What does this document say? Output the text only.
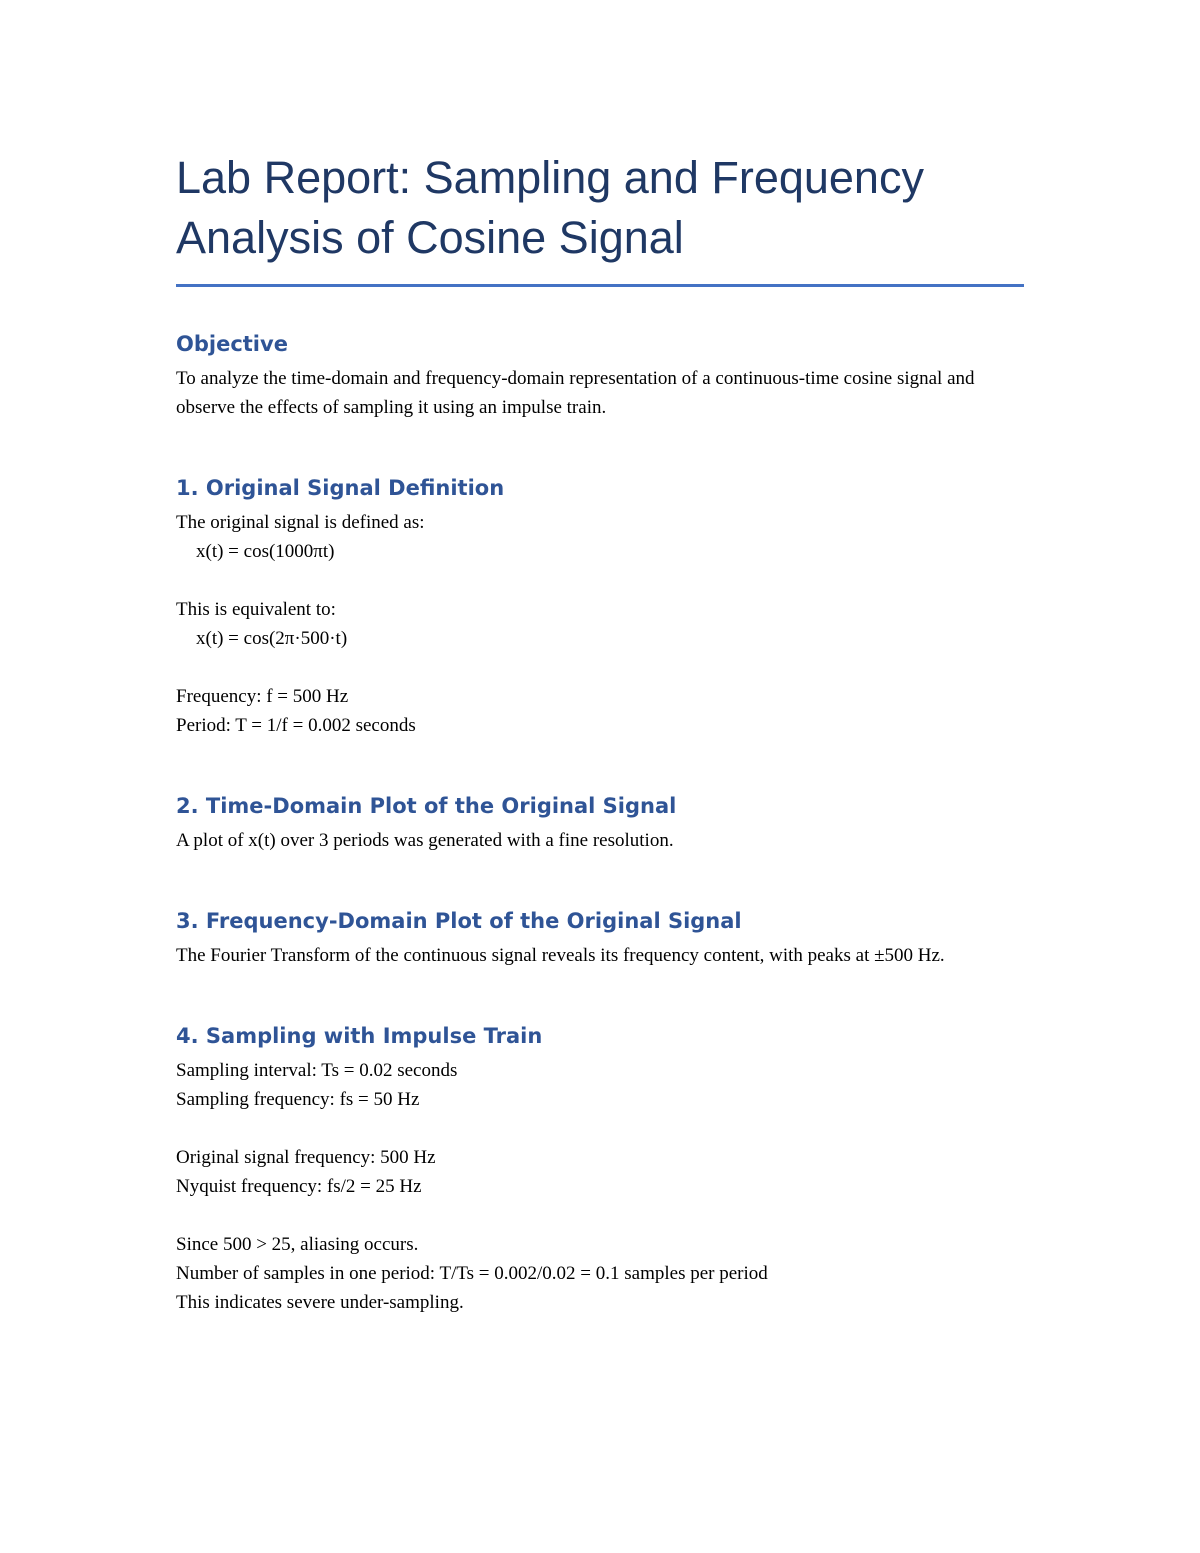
Lab Report: Sampling and Frequency Analysis of Cosine Signal
Objective

To analyze the time-domain and frequency-domain representation of a continuous-time cosine signal and observe the effects of sampling it using an impulse train.

1. Original Signal Definition

The original signal is defined as:

x(t) = cos(1000πt)

This is equivalent to:

x(t) = cos(2π·500·t)

Frequency: f = 500 Hz

Period: T = 1/f = 0.002 seconds

2. Time-Domain Plot of the Original Signal

A plot of x(t) over 3 periods was generated with a fine resolution.

3. Frequency-Domain Plot of the Original Signal

The Fourier Transform of the continuous signal reveals its frequency content, with peaks at ±500 Hz.

4. Sampling with Impulse Train

Sampling interval: Ts = 0.02 seconds

Sampling frequency: fs = 50 Hz

Original signal frequency: 500 Hz

Nyquist frequency: fs/2 = 25 Hz

Since 500 > 25, aliasing occurs.

Number of samples in one period: T/Ts = 0.002/0.02 = 0.1 samples per period

This indicates severe under-sampling.
